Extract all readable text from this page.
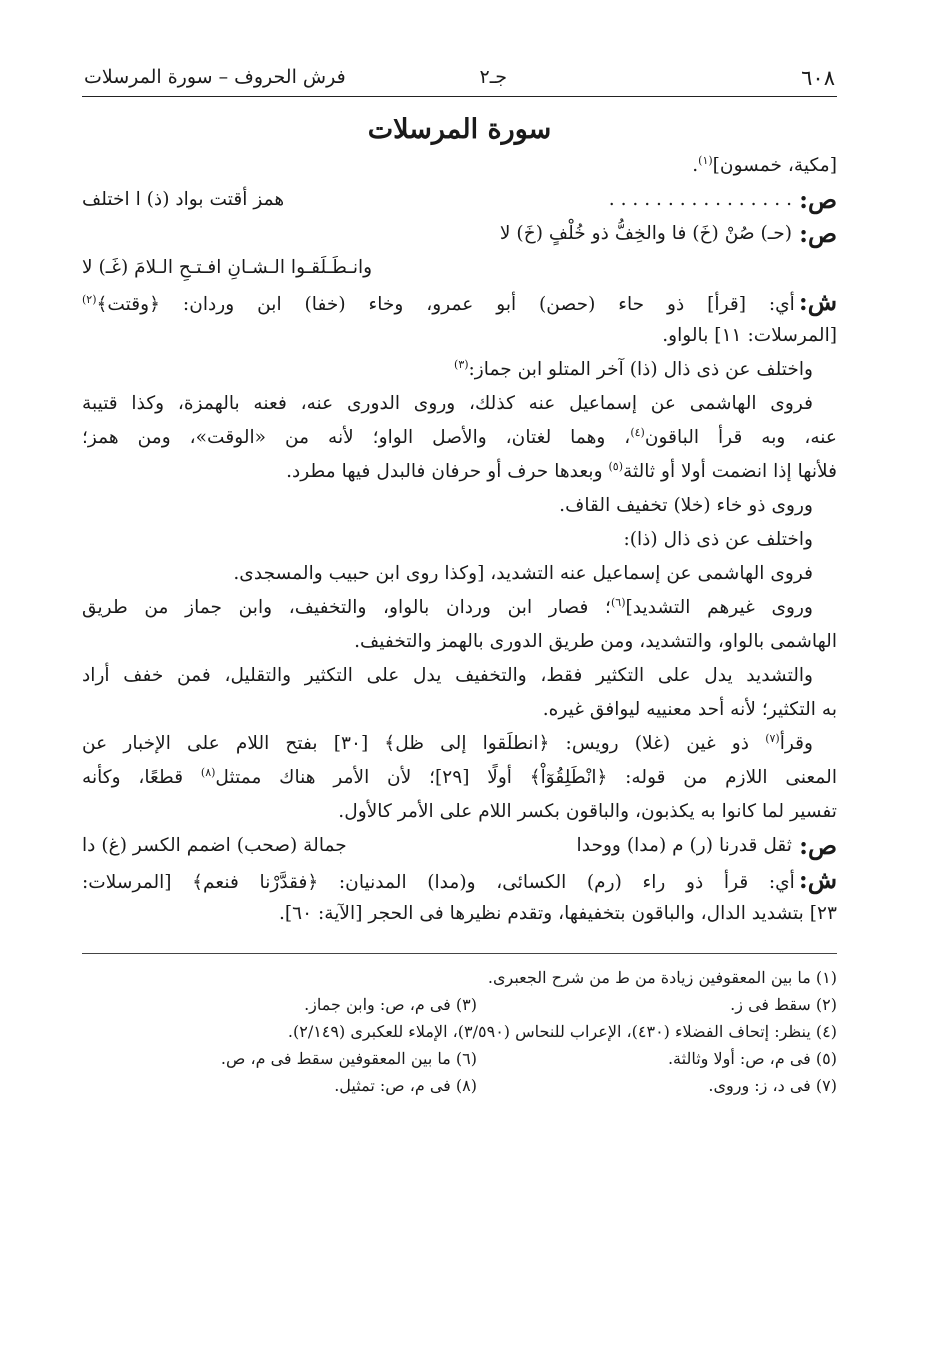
٦٠٨
جـ٢
فرش الحروف – سورة المرسلات
سورة المرسلات
[مكية، خمسون]$^{(١)}$.
ص:
. . . . . . . . . . . . . . . .
همز أقتت بواد (ذ) ا اختلف
ص:
(حـ) صُنْ (خَ) فا والخِفُّ ذو خُلْفٍ (خَ) لا
وانـطَـلَقـوا الـشـانِ افـتـحِ الـلامَ (غَـ) لا
ش:أي: [قرأ] ذو حاء (حصن) أبو عمرو، وخاء (خفا) ابن وردان: ﴿وقتت﴾$^{(٢)}$
[المرسلات: ١١] بالواو.
واختلف عن ذى ذال (ذا) آخر المتلو ابن جماز:$^{(٣)}$
فروى الهاشمى عن إسماعيل عنه كذلك، وروى الدورى عنه، فعنه بالهمزة، وكذا قتيبة
عنه، وبه قرأ الباقون$^{(٤)}$، وهما لغتان، والأصل الواو؛ لأنه من «الوقت»، ومن همز؛
فلأنها إذا انضمت أولا أو ثالثة$^{(٥)}$ وبعدها حرف أو حرفان فالبدل فيها مطرد.
وروى ذو خاء (خلا) تخفيف القاف.
واختلف عن ذى ذال (ذا):
فروى الهاشمى عن إسماعيل عنه التشديد، [وكذا روى ابن حبيب والمسجدى.
وروى غيرهم التشديد]$^{(٦)}$؛ فصار ابن وردان بالواو، والتخفيف، وابن جماز من طريق
الهاشمى بالواو، والتشديد، ومن طريق الدورى بالهمز والتخفيف.
والتشديد يدل على التكثير فقط، والتخفيف يدل على التكثير والتقليل، فمن خفف أراد
به التكثير؛ لأنه أحد معنييه ليوافق غيره.
وقرأ$^{(٧)}$ ذو غين (غلا) رويس: ﴿انطلَقوا إلى ظل﴾ [٣٠] بفتح اللام على الإخبار عن
المعنى اللازم من قوله: ﴿انْطَلِقُوٓاْ﴾ أولًا [٢٩]؛ لأن الأمر هناك ممتثل$^{(٨)}$ قطعًا، وكأنه
تفسير لما كانوا به يكذبون، والباقون بكسر اللام على الأمر كالأول.
ص:
ثقل قدرنا (ر) م (مدا) ووحدا
جمالة (صحب) اضمم الكسر (غ) دا
ش:أي: قرأ ذو راء (رم) الكسائى، و(مدا) المدنيان: ﴿فقدَّرْنا فنعم﴾ [المرسلات:
٢٣] بتشديد الدال، والباقون بتخفيفها، وتقدم نظيرها فى الحجر [الآية: ٦٠].
(١) ما بين المعقوفين زيادة من ط من شرح الجعبرى.
(٢) سقط فى ز.
(٣) فى م، ص: وابن جماز.
(٤) ينظر: إتحاف الفضلاء (٤٣٠)، الإعراب للنحاس (٣/٥٩٠)، الإملاء للعكبرى (٢/١٤٩).
(٥) فى م، ص: أولا وثالثة.
(٦) ما بين المعقوفين سقط فى م، ص.
(٧) فى د، ز: وروى.
(٨) فى م، ص: تمثيل.
